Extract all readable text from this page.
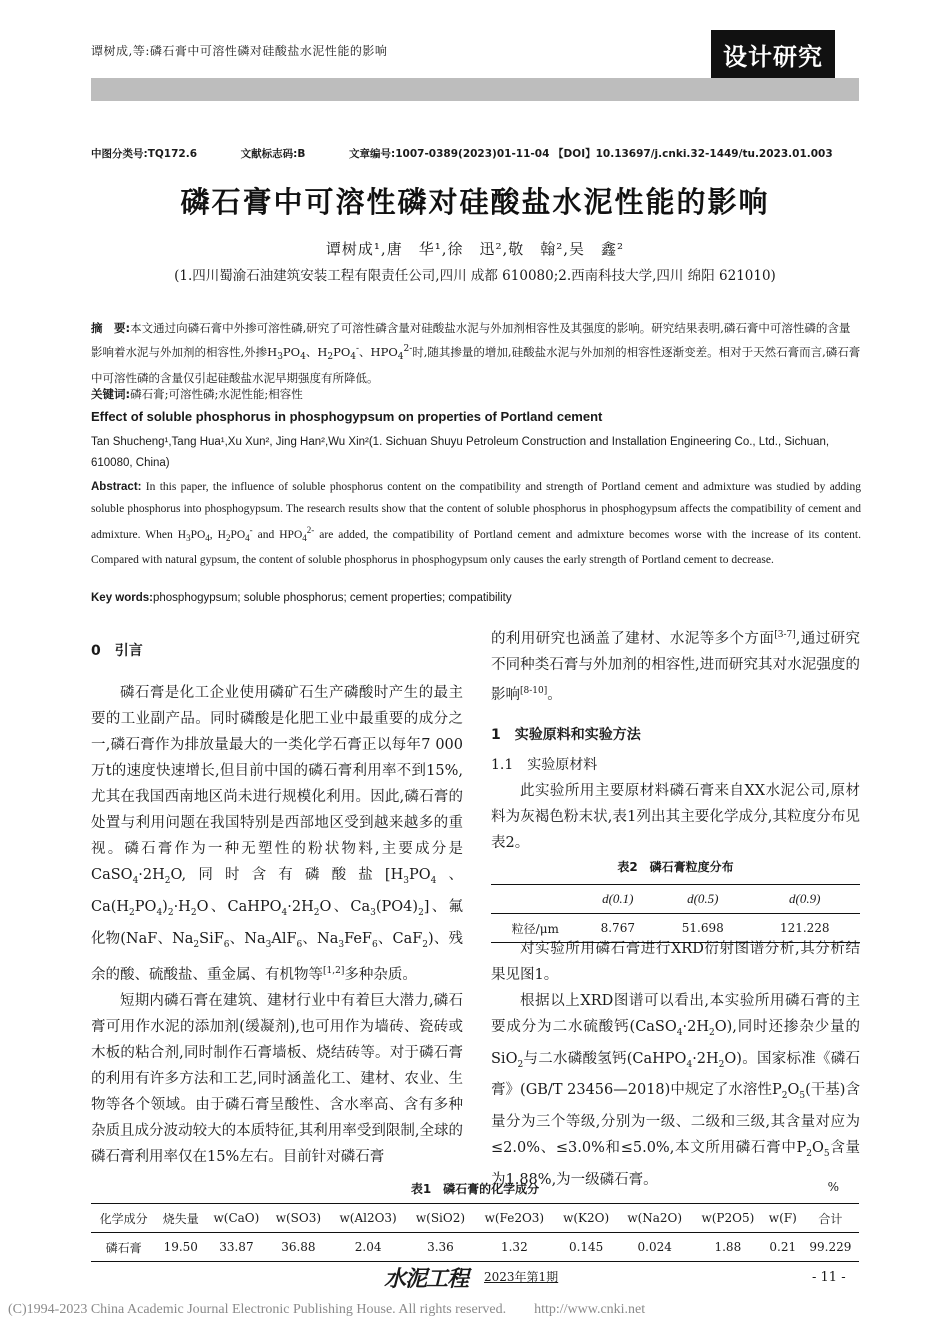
谭树成,等:磷石膏中可溶性磷对硅酸盐水泥性能的影响	设计研究
中图分类号:TQ172.6	文献标志码:B	文章编号:1007-0389(2023)01-11-04 【DOI】10.13697/j.cnki.32-1449/tu.2023.01.003
磷石膏中可溶性磷对硅酸盐水泥性能的影响
谭树成¹,唐　华¹,徐　迅²,敬　翰²,吴　鑫²
(1.四川蜀渝石油建筑安装工程有限责任公司,四川 成都 610080;2.西南科技大学,四川 绵阳 621010)
摘　要:本文通过向磷石膏中外掺可溶性磷,研究了可溶性磷含量对硅酸盐水泥与外加剂相容性及其强度的影响。研究结果表明,磷石膏中可溶性磷的含量影响着水泥与外加剂的相容性,外掺$H_3PO_4$、$H_2PO_4^-$、$HPO_4^{2-}$时,随其掺量的增加,硅酸盐水泥与外加剂的相容性逐渐变差。相对于天然石膏而言,磷石膏中可溶性磷的含量仅引起硅酸盐水泥早期强度有所降低。
关键词:磷石膏;可溶性磷;水泥性能;相容性
Effect of soluble phosphorus in phosphogypsum on properties of Portland cement
Tan Shucheng¹,Tang Hua¹,Xu Xun², Jing Han²,Wu Xin²(1. Sichuan Shuyu Petroleum Construction and Installation Engineering Co., Ltd., Sichuan, 610080, China)
Abstract: In this paper, the influence of soluble phosphorus content on the compatibility and strength of Portland cement and admixture was studied by adding soluble phosphorus into phosphogypsum. The research results show that the content of soluble phosphorus in phosphogypsum affects the compatibility of cement and admixture. When $H_3PO_4$, $H_2PO_4^-$ and $HPO_4^{2-}$ are added, the compatibility of Portland cement and admixture becomes worse with the increase of its content. Compared with natural gypsum, the content of soluble phosphorus in phosphogypsum only causes the early strength of Portland cement to decrease.
Key words:phosphogypsum; soluble phosphorus; cement properties; compatibility
0　引言

磷石膏是化工企业使用磷矿石生产磷酸时产生的最主要的工业副产品。同时磷酸是化肥工业中最重要的成分之一,磷石膏作为排放量最大的一类化学石膏正以每年7 000万t的速度快速增长,但目前中国的磷石膏利用率不到15%,尤其在我国西南地区尚未进行规模化利用。因此,磷石膏的处置与利用问题在我国特别是西部地区受到越来越多的重视。磷石膏作为一种无塑性的粉状物料,主要成分是$CaSO_4\cdot 2H_2O$,同时含有磷酸盐[$H_3PO_4$、$Ca(H_2PO_4)_2\cdot H_2O$、$CaHPO_4\cdot 2H_2O$、$Ca_3(PO4)_2$]、氟化物(NaF、$Na_2SiF_6$、$Na_3AlF_6$、$Na_3FeF_6$、CaF$_2$)、残余的酸、硫酸盐、重金属、有机物等[1,2]多种杂质。

短期内磷石膏在建筑、建材行业中有着巨大潜力,磷石膏可用作水泥的添加剂(缓凝剂),也可用作为墙砖、瓷砖或木板的粘合剂,同时制作石膏墙板、烧结砖等。对于磷石膏的利用有许多方法和工艺,同时涵盖化工、建材、农业、生物等各个领域。由于磷石膏呈酸性、含水率高、含有多种杂质且成分波动较大的本质特征,其利用率受到限制,全球的磷石膏利用率仅在15%左右。目前针对磷石膏

的利用研究也涵盖了建材、水泥等多个方面[3-7],通过研究不同种类石膏与外加剂的相容性,进而研究其对水泥强度的影响[8-10]。

1　实验原料和实验方法
1.1　实验原材料

此实验所用主要原材料磷石膏来自XX水泥公司,原材料为灰褐色粉末状,表1列出其主要化学成分,其粒度分布见表2。

对实验所用磷石膏进行XRD衍射图谱分析,其分析结果见图1。

根据以上XRD图谱可以看出,本实验所用磷石膏的主要成分为二水硫酸钙$(CaSO_4\cdot 2H_2O)$,同时还掺杂少量的SiO$_2$与二水磷酸氢钙$(CaHPO_4\cdot 2H_2O)$。国家标准《磷石膏》(GB/T 23456—2018)中规定了水溶性$P_2O_5$(干基)含量分为三个等级,分别为一级、二级和三级,其含量对应为≤2.0%、≤3.0%和≤5.0%,本文所用磷石膏中$P_2O_5$含量为1.88%,为一级磷石膏。

表2　磷石膏粒度分布
	d(0.1)	d(0.5)	d(0.9)
粒径/μm	8.767	51.698	121.228
表1　磷石膏的化学成分	%
化学成分	烧失量	w(CaO)	w(SO3)	w(Al2O3)	w(SiO2)	w(Fe2O3)	w(K2O)	w(Na2O)	w(P2O5)	w(F)	合计
磷石膏	19.50	33.87	36.88	2.04	3.36	1.32	0.145	0.024	1.88	0.21	99.229
水泥工程 2023年第1期	- 11 -
(C)1994-2023 China Academic Journal Electronic Publishing House. All rights reserved.　　http://www.cnki.net
